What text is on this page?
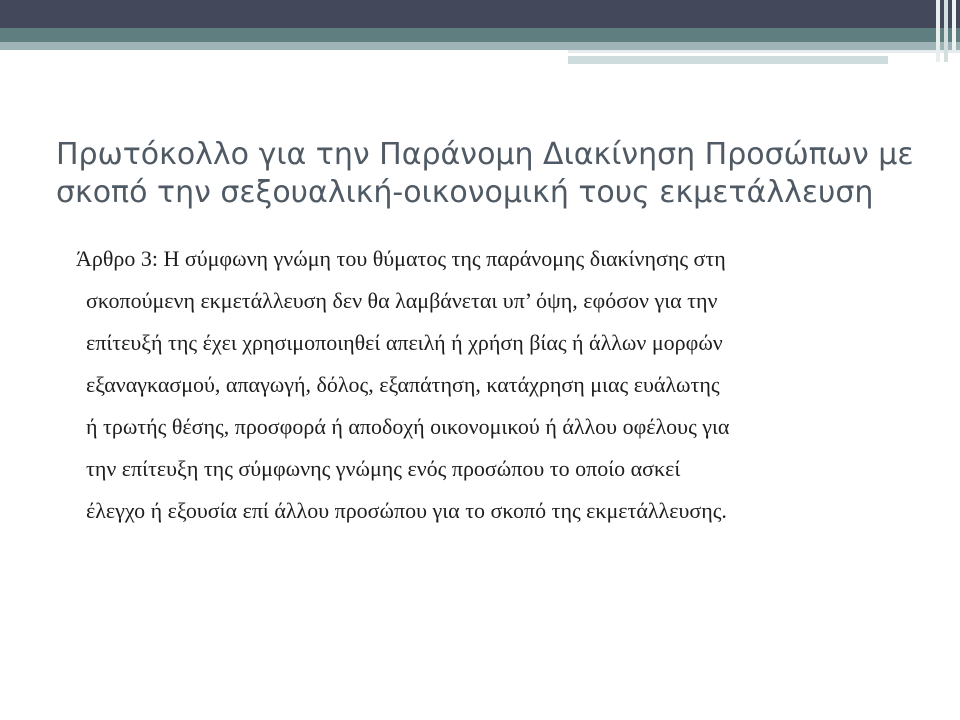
Πρωτόκολλο για την Παράνομη Διακίνηση Προσώπων με
σκοπό την σεξουαλική-οικονομική τους εκμετάλλευση
Άρθρο 3: Η σύμφωνη γνώμη του θύματος της παράνομης διακίνησης στη
σκοπούμενη εκμετάλλευση δεν θα λαμβάνεται υπ’ όψη, εφόσον για την
επίτευξή της έχει χρησιμοποιηθεί απειλή ή χρήση βίας ή άλλων μορφών
εξαναγκασμού, απαγωγή, δόλος, εξαπάτηση, κατάχρηση μιας ευάλωτης
ή τρωτής θέσης, προσφορά ή αποδοχή οικονομικού ή άλλου οφέλους για
την επίτευξη της σύμφωνης γνώμης ενός προσώπου το οποίο ασκεί
έλεγχο ή εξουσία επί άλλου προσώπου για το σκοπό της εκμετάλλευσης.
